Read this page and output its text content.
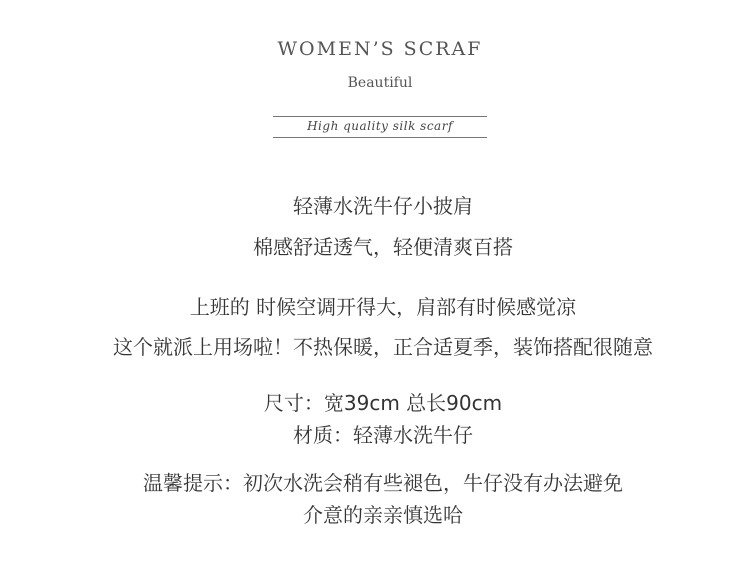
WOMEN’S SCRAF
Beautiful
High quality silk scarf
轻薄水洗牛仔小披肩
棉感舒适透气，轻便清爽百搭
上班的 时候空调开得大，肩部有时候感觉凉
这个就派上用场啦！不热保暖，正合适夏季，装饰搭配很随意
尺寸：宽39cm 总长90cm
材质：轻薄水洗牛仔
温馨提示：初次水洗会稍有些褪色，牛仔没有办法避免
介意的亲亲慎选哈
